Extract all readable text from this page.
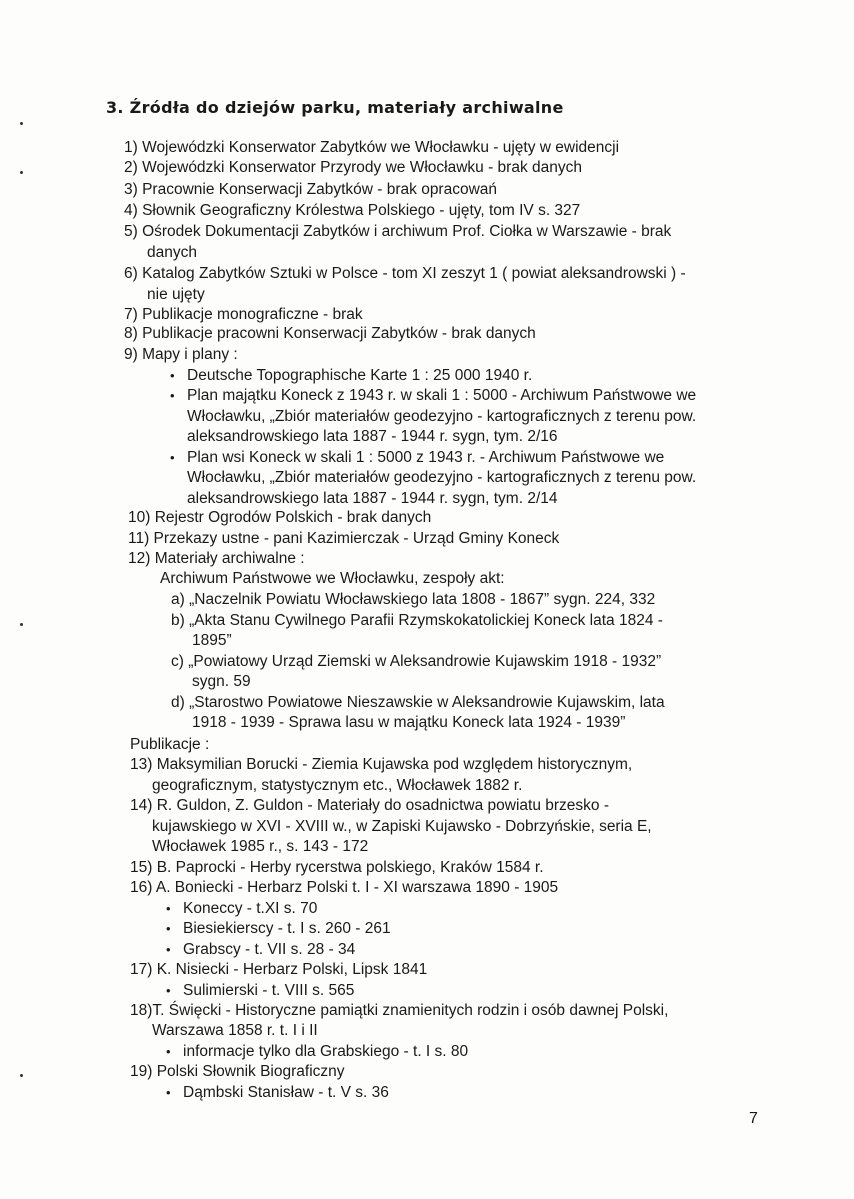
3. Źródła do dziejów parku, materiały archiwalne
1) Wojewódzki Konserwator Zabytków we Włocławku - ujęty w ewidencji
2) Wojewódzki Konserwator Przyrody we Włocławku - brak danych
3) Pracownie Konserwacji Zabytków - brak opracowań
4) Słownik Geograficzny Królestwa Polskiego - ujęty, tom IV s. 327
5) Ośrodek Dokumentacji Zabytków i archiwum Prof. Ciołka w Warszawie - brak
danych
6) Katalog Zabytków Sztuki w Polsce - tom XI zeszyt 1 ( powiat aleksandrowski ) -
nie ujęty
7) Publikacje monograficzne - brak
8) Publikacje pracowni Konserwacji Zabytków - brak danych
9) Mapy i plany :
• Deutsche Topographische Karte 1 : 25 000 1940 r.
• Plan majątku Koneck z 1943 r. w skali 1 : 5000 - Archiwum Państwowe we
Włocławku, „Zbiór materiałów geodezyjno - kartograficznych z terenu pow.
aleksandrowskiego lata 1887 - 1944 r. sygn, tym. 2/16
• Plan wsi Koneck w skali 1 : 5000 z 1943 r. - Archiwum Państwowe we
Włocławku, „Zbiór materiałów geodezyjno - kartograficznych z terenu pow.
aleksandrowskiego lata 1887 - 1944 r. sygn, tym. 2/14
10) Rejestr Ogrodów Polskich - brak danych
11) Przekazy ustne - pani Kazimierczak - Urząd Gminy Koneck
12) Materiały archiwalne :
Archiwum Państwowe we Włocławku, zespoły akt:
a) „Naczelnik Powiatu Włocławskiego lata 1808 - 1867” sygn. 224, 332
b) „Akta Stanu Cywilnego Parafii Rzymskokatolickiej Koneck lata 1824 -
1895”
c) „Powiatowy Urząd Ziemski w Aleksandrowie Kujawskim 1918 - 1932”
sygn. 59
d) „Starostwo Powiatowe Nieszawskie w Aleksandrowie Kujawskim, lata
1918 - 1939 - Sprawa lasu w majątku Koneck lata 1924 - 1939”
Publikacje :
13) Maksymilian Borucki - Ziemia Kujawska pod względem historycznym,
geograficznym, statystycznym etc., Włocławek 1882 r.
14) R. Guldon, Z. Guldon - Materiały do osadnictwa powiatu brzesko -
kujawskiego w XVI - XVIII w., w Zapiski Kujawsko - Dobrzyńskie, seria E,
Włocławek 1985 r., s. 143 - 172
15) B. Paprocki - Herby rycerstwa polskiego, Kraków 1584 r.
16) A. Boniecki - Herbarz Polski t. I - XI warszawa 1890 - 1905
• Koneccy - t.XI s. 70
• Biesiekierscy - t. I s. 260 - 261
• Grabscy - t. VII s. 28 - 34
17) K. Nisiecki - Herbarz Polski, Lipsk 1841
• Sulimierski - t. VIII s. 565
18)T. Święcki - Historyczne pamiątki znamienitych rodzin i osób dawnej Polski,
Warszawa 1858 r. t. I i II
• informacje tylko dla Grabskiego - t. I s. 80
19) Polski Słownik Biograficzny
• Dąmbski Stanisław - t. V s. 36
7
